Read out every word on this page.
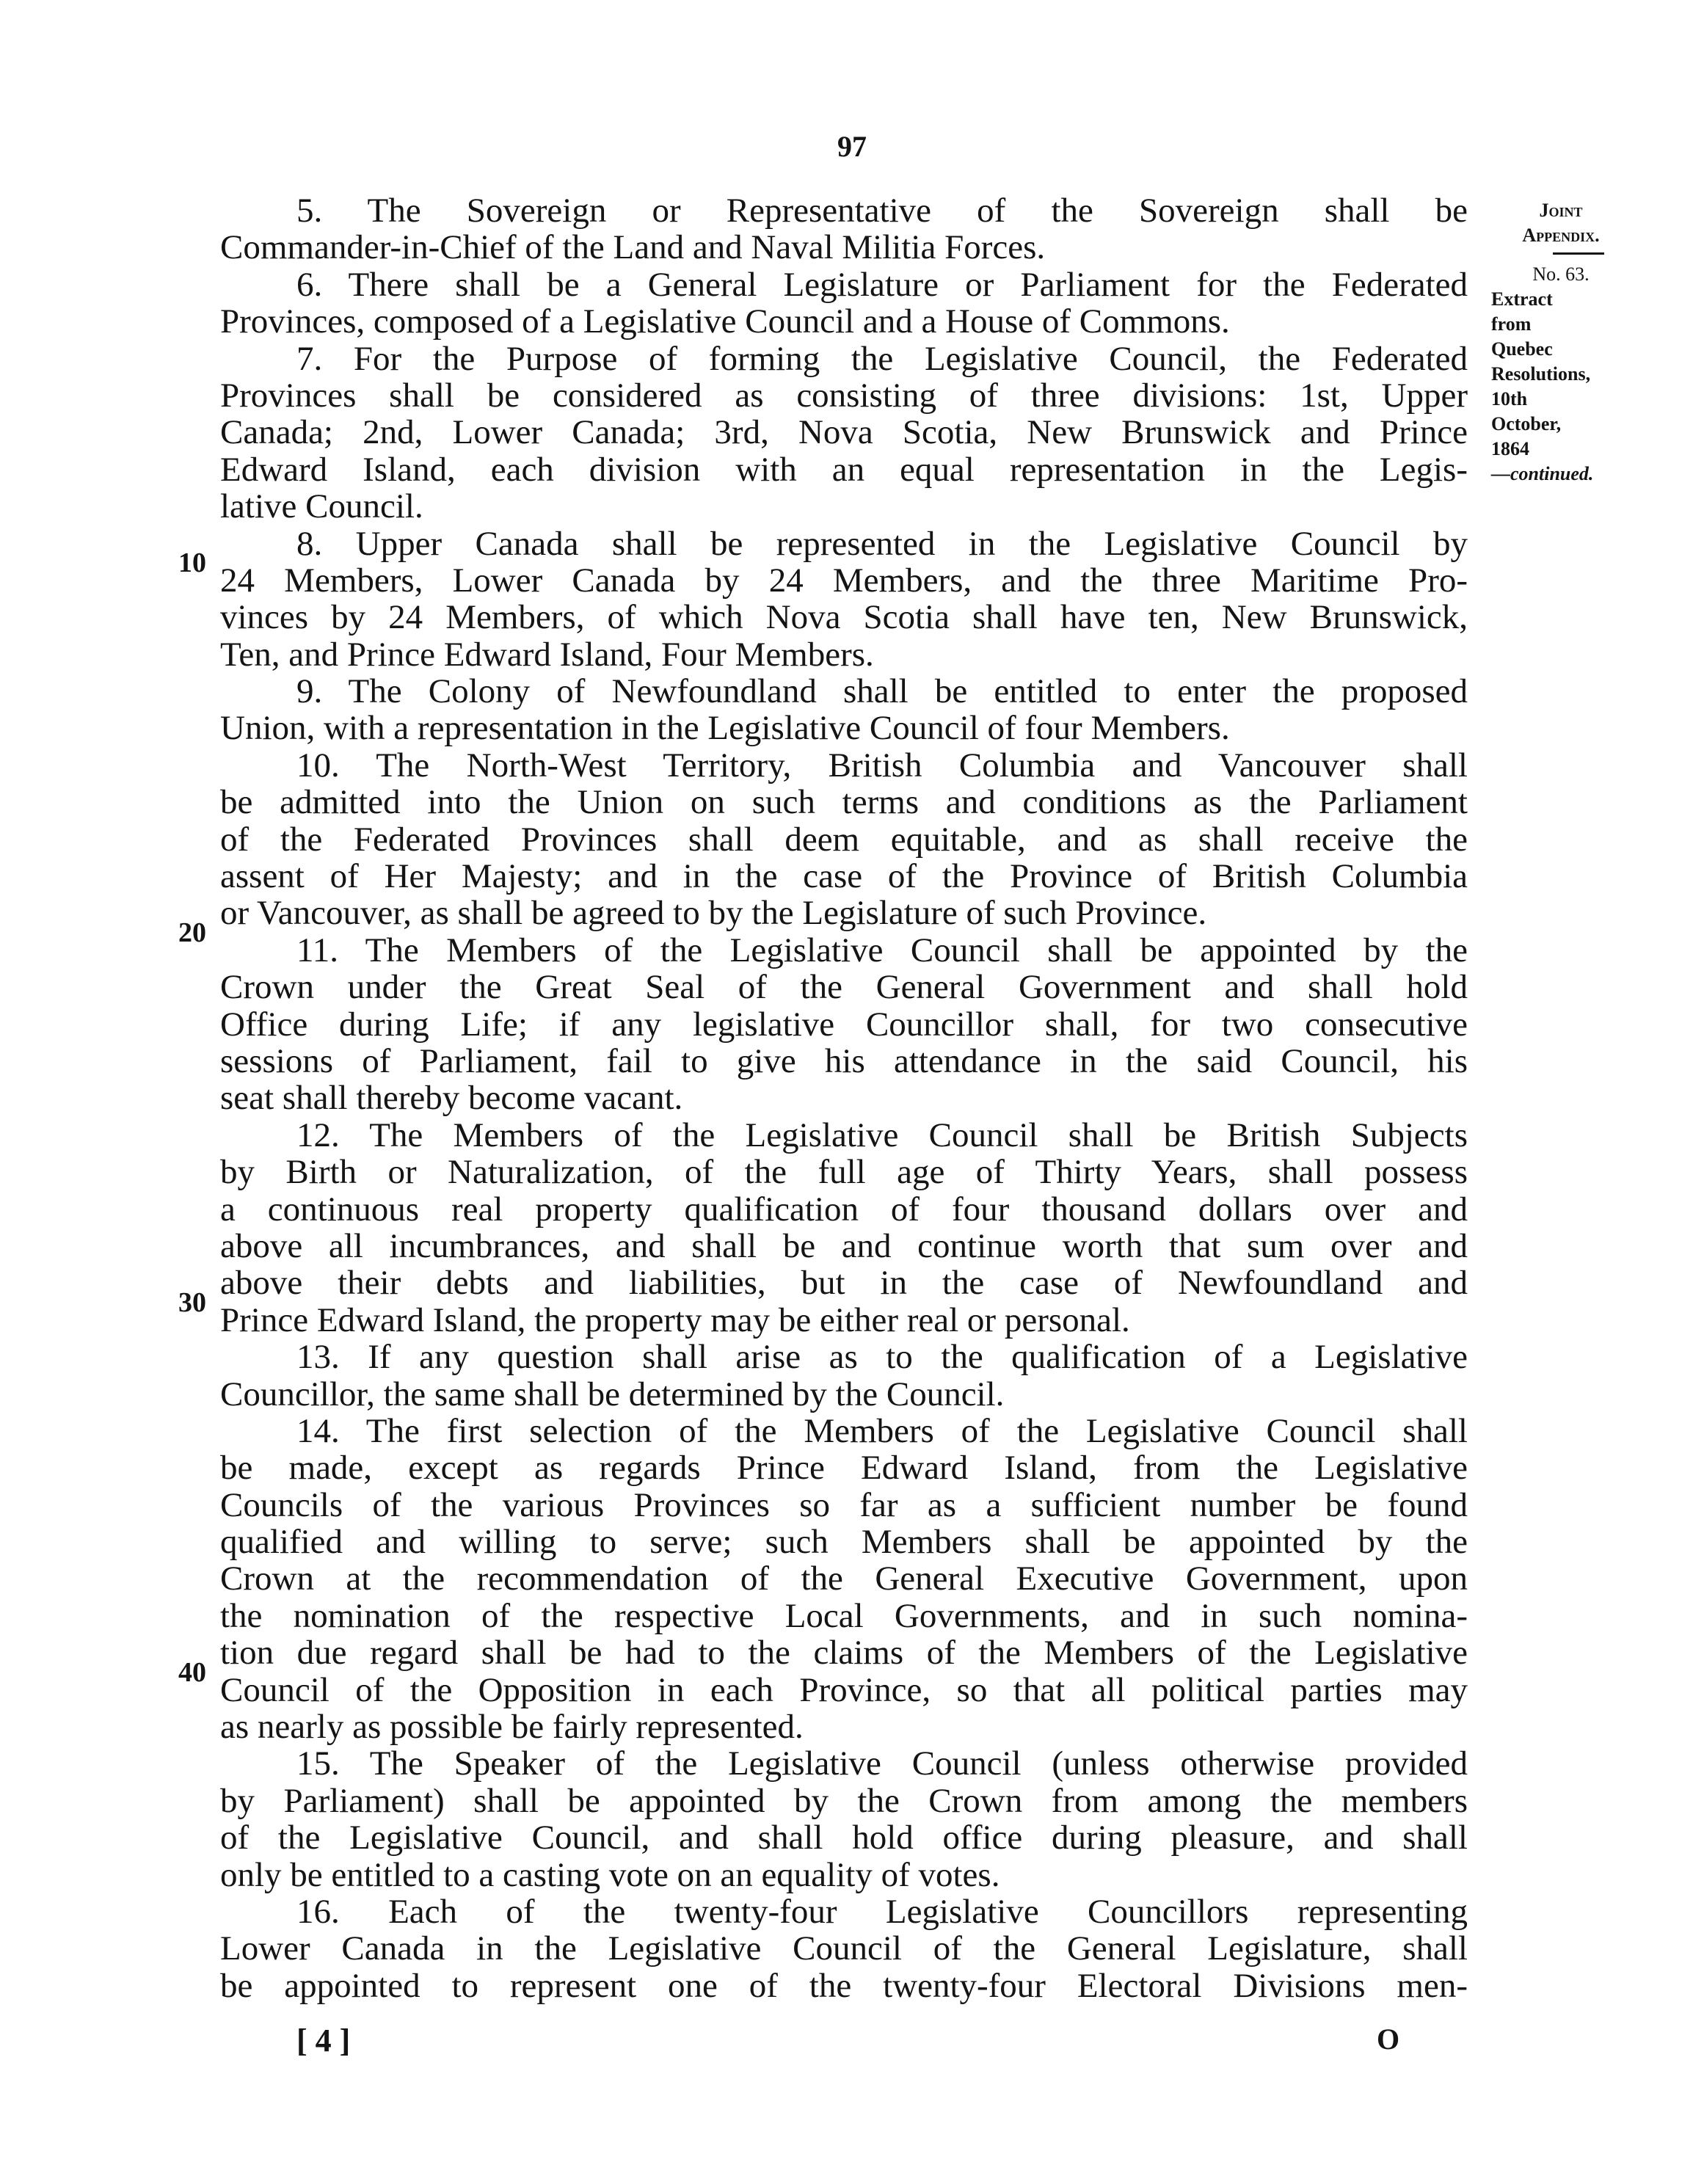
97
Joint
Appendix.
No. 63.
Extract
from
Quebec
Resolutions,
10th
October,
1864
—continued.
10
20
30
40
5. The Sovereign or Representative of the Sovereign shall be
Commander-in-Chief of the Land and Naval Militia Forces.
6. There shall be a General Legislature or Parliament for the Federated
Provinces, composed of a Legislative Council and a House of Commons.
7. For the Purpose of forming the Legislative Council, the Federated
Provinces shall be considered as consisting of three divisions: 1st, Upper
Canada; 2nd, Lower Canada; 3rd, Nova Scotia, New Brunswick and Prince
Edward Island, each division with an equal representation in the Legis-
lative Council.
8. Upper Canada shall be represented in the Legislative Council by
24 Members, Lower Canada by 24 Members, and the three Maritime Pro-
vinces by 24 Members, of which Nova Scotia shall have ten, New Brunswick,
Ten, and Prince Edward Island, Four Members.
9. The Colony of Newfoundland shall be entitled to enter the proposed
Union, with a representation in the Legislative Council of four Members.
10. The North-West Territory, British Columbia and Vancouver shall
be admitted into the Union on such terms and conditions as the Parliament
of the Federated Provinces shall deem equitable, and as shall receive the
assent of Her Majesty; and in the case of the Province of British Columbia
or Vancouver, as shall be agreed to by the Legislature of such Province.
11. The Members of the Legislative Council shall be appointed by the
Crown under the Great Seal of the General Government and shall hold
Office during Life; if any legislative Councillor shall, for two consecutive
sessions of Parliament, fail to give his attendance in the said Council, his
seat shall thereby become vacant.
12. The Members of the Legislative Council shall be British Subjects
by Birth or Naturalization, of the full age of Thirty Years, shall possess
a continuous real property qualification of four thousand dollars over and
above all incumbrances, and shall be and continue worth that sum over and
above their debts and liabilities, but in the case of Newfoundland and
Prince Edward Island, the property may be either real or personal.
13. If any question shall arise as to the qualification of a Legislative
Councillor, the same shall be determined by the Council.
14. The first selection of the Members of the Legislative Council shall
be made, except as regards Prince Edward Island, from the Legislative
Councils of the various Provinces so far as a sufficient number be found
qualified and willing to serve; such Members shall be appointed by the
Crown at the recommendation of the General Executive Government, upon
the nomination of the respective Local Governments, and in such nomina-
tion due regard shall be had to the claims of the Members of the Legislative
Council of the Opposition in each Province, so that all political parties may
as nearly as possible be fairly represented.
15. The Speaker of the Legislative Council (unless otherwise provided
by Parliament) shall be appointed by the Crown from among the members
of the Legislative Council, and shall hold office during pleasure, and shall
only be entitled to a casting vote on an equality of votes.
16. Each of the twenty-four Legislative Councillors representing
Lower Canada in the Legislative Council of the General Legislature, shall
be appointed to represent one of the twenty-four Electoral Divisions men-
[ 4 ]	O
